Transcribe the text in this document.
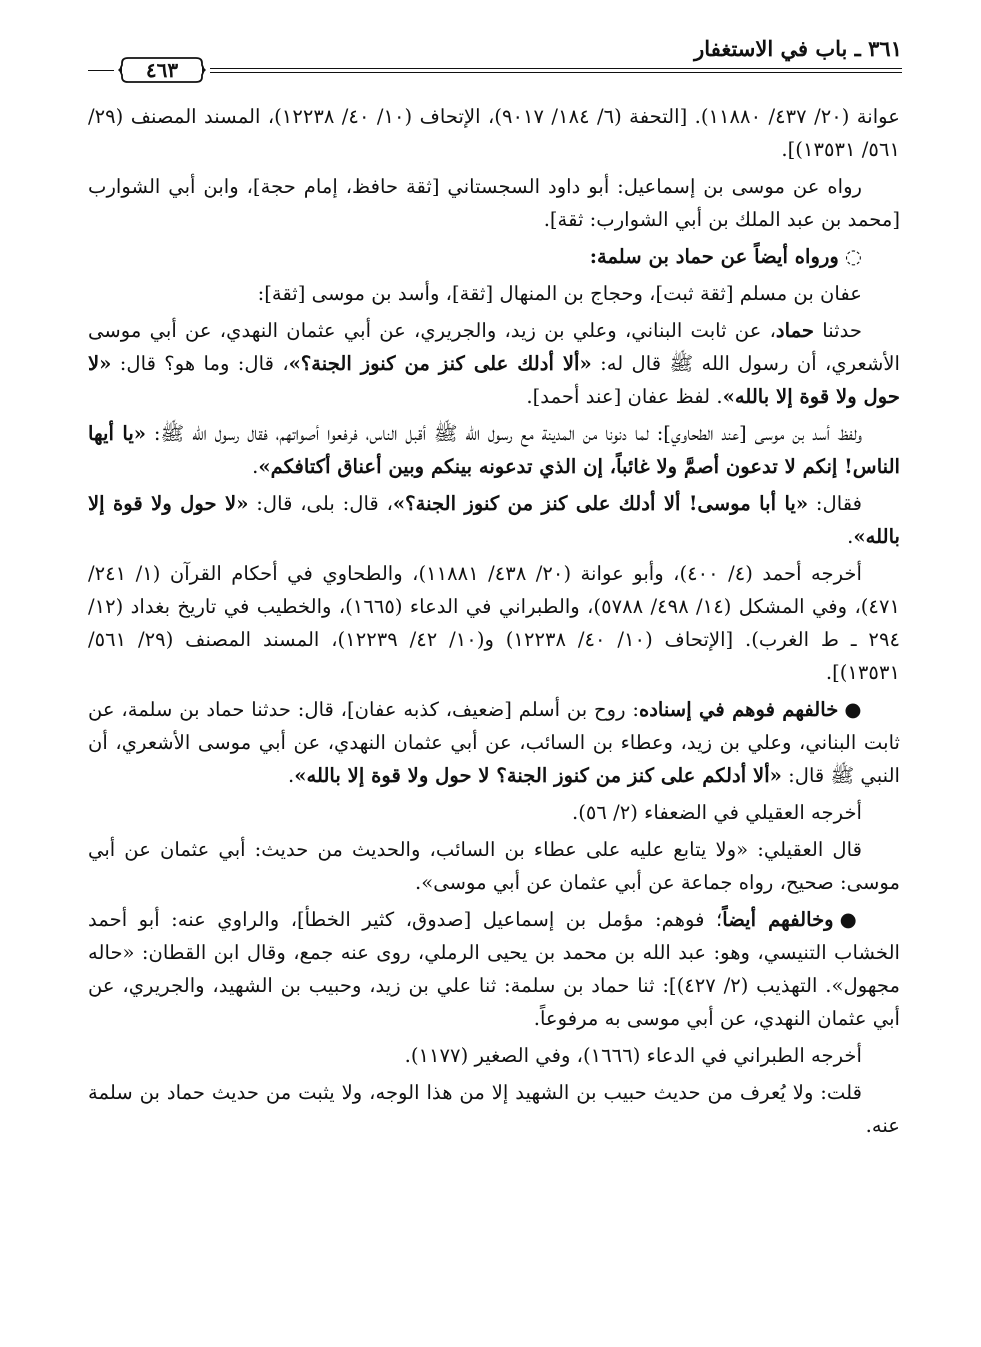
٣٦١ ـ باب في الاستغفار
٤٦٣

عوانة (٢٠/ ٤٣٧/ ١١٨٨٠). [التحفة (٦/ ١٨٤/ ٩٠١٧)، الإتحاف (١٠/ ٤٠/ ١٢٢٣٨)، المسند المصنف (٢٩/ ٥٦١/ ١٣٥٣١)].

رواه عن موسى بن إسماعيل: أبو داود السجستاني [ثقة حافظ، إمام حجة]، وابن أبي الشوارب [محمد بن عبد الملك بن أبي الشوارب: ثقة].

◌ورواه أيضاً عن حماد بن سلمة:

عفان بن مسلم [ثقة ثبت]، وحجاج بن المنهال [ثقة]، وأسد بن موسى [ثقة]:

حدثنا حماد، عن ثابت البناني، وعلي بن زيد، والجريري، عن أبي عثمان النهدي، عن أبي موسى الأشعري، أن رسول الله ﷺ قال له: «ألا أدلك على كنز من كنوز الجنة؟»، قال: وما هو؟ قال: «لا حول ولا قوة إلا بالله». لفظ عفان [عند أحمد].

ولفظ أسد بن موسى [عند الطحاوي]: لما دنونا من المدينة مع رسول الله ﷺ أقبل الناس، فرفعوا أصواتهم، فقال رسول الله ﷺ: «يا أيها الناس! إنكم لا تدعون أصمَّ ولا غائباً، إن الذي تدعونه بينكم وبين أعناق أكتافكم».

فقال: «يا أبا موسى! ألا أدلك على كنز من كنوز الجنة؟»، قال: بلى، قال: «لا حول ولا قوة إلا بالله».

أخرجه أحمد (٤/ ٤٠٠)، وأبو عوانة (٢٠/ ٤٣٨/ ١١٨٨١)، والطحاوي في أحكام القرآن (١/ ٢٤١/ ٤٧١)، وفي المشكل (١٤/ ٤٩٨/ ٥٧٨٨)، والطبراني في الدعاء (١٦٦٥)، والخطيب في تاريخ بغداد (١٢/ ٢٩٤ ـ ط الغرب). [الإتحاف (١٠/ ٤٠/ ١٢٢٣٨) و(١٠/ ٤٢/ ١٢٢٣٩)، المسند المصنف (٢٩/ ٥٦١/ ١٣٥٣١)].

●خالفهم فوهم في إسناده: روح بن أسلم [ضعيف، كذبه عفان]، قال: حدثنا حماد بن سلمة، عن ثابت البناني، وعلي بن زيد، وعطاء بن السائب، عن أبي عثمان النهدي، عن أبي موسى الأشعري، أن النبي ﷺ قال: «ألا أدلكم على كنز من كنوز الجنة؟ لا حول ولا قوة إلا بالله».

أخرجه العقيلي في الضعفاء (٢/ ٥٦).

قال العقيلي: «ولا يتابع عليه على عطاء بن السائب، والحديث من حديث: أبي عثمان عن أبي موسى: صحيح، رواه جماعة عن أبي عثمان عن أبي موسى».

●وخالفهم أيضاً؛ فوهم: مؤمل بن إسماعيل [صدوق، كثير الخطأ]، والراوي عنه: أبو أحمد الخشاب التنيسي، وهو: عبد الله بن محمد بن يحيى الرملي، روى عنه جمع، وقال ابن القطان: «حاله مجهول». التهذيب (٢/ ٤٢٧)]: ثنا حماد بن سلمة: ثنا علي بن زيد، وحبيب بن الشهيد، والجريري، عن أبي عثمان النهدي، عن أبي موسى به مرفوعاً.

أخرجه الطبراني في الدعاء (١٦٦٦)، وفي الصغير (١١٧٧).

قلت: ولا يُعرف من حديث حبيب بن الشهيد إلا من هذا الوجه، ولا يثبت من حديث حماد بن سلمة عنه.
